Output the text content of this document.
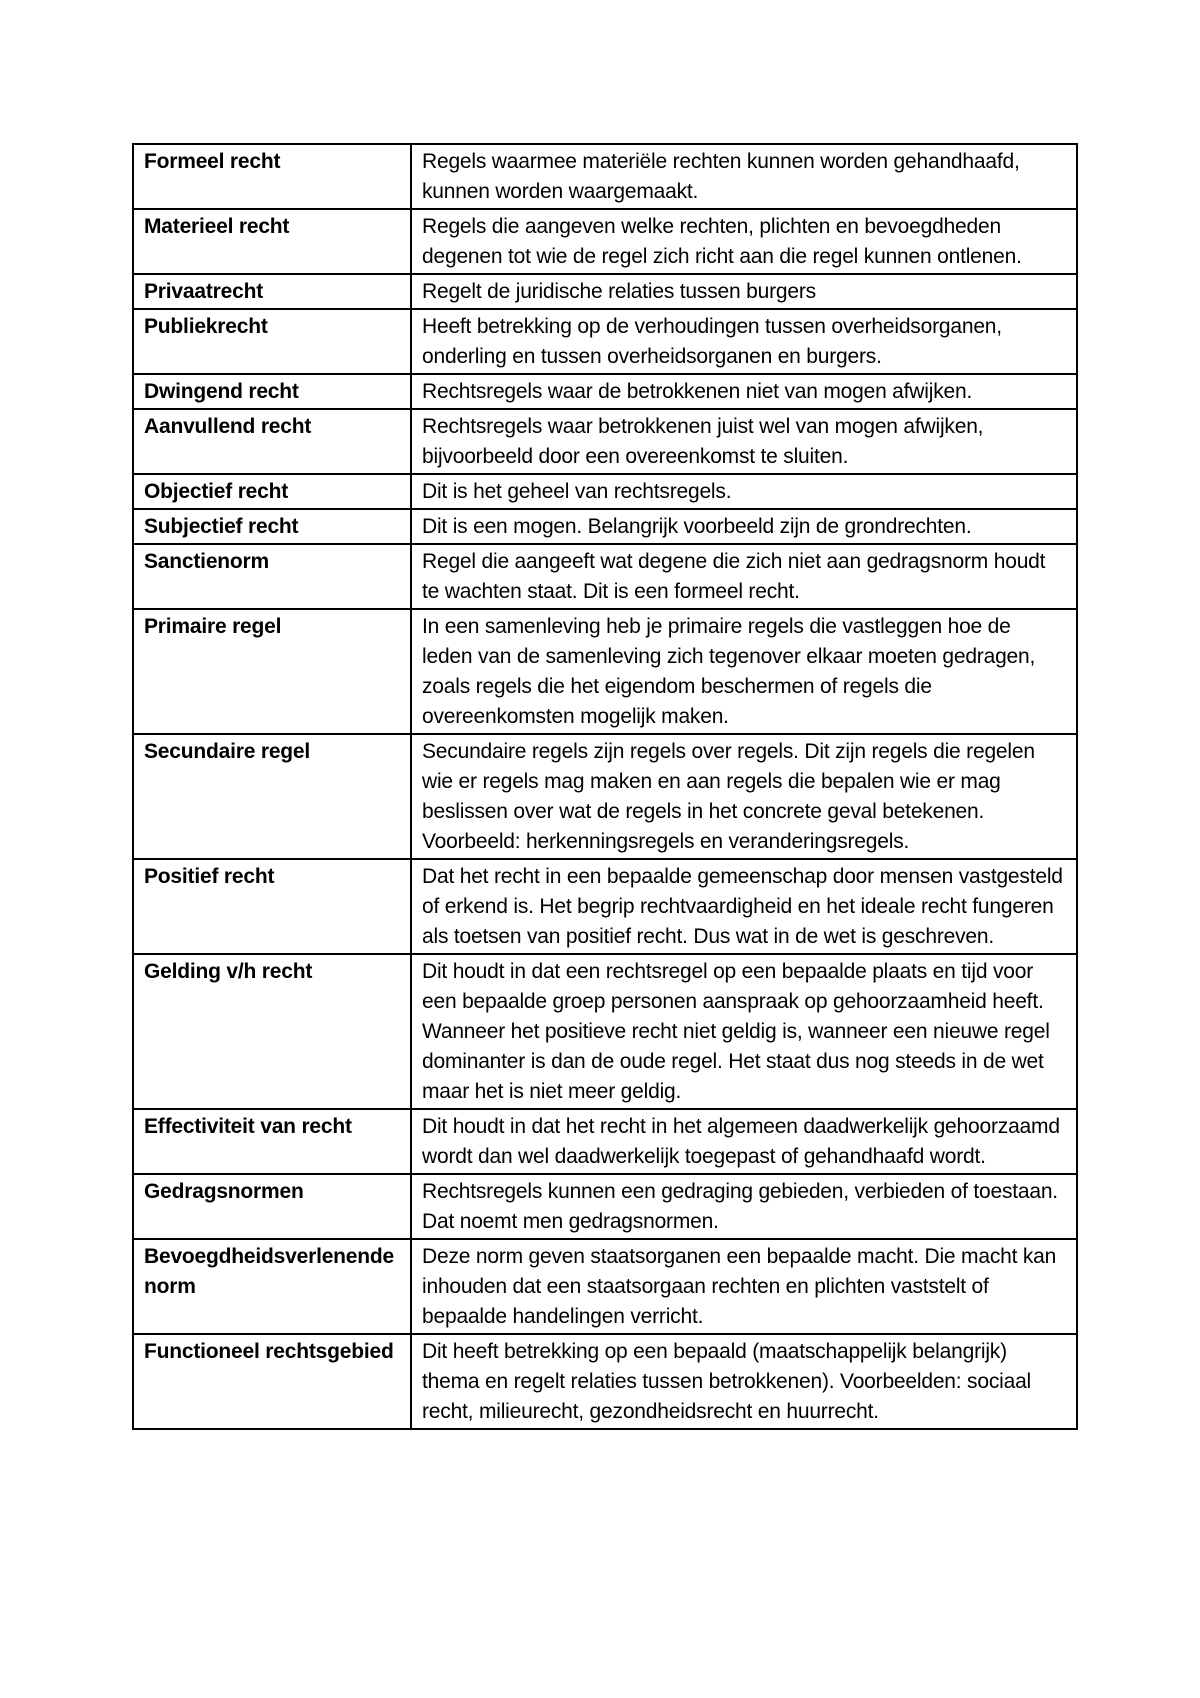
Formeel recht	Regels waarmee materiële rechten kunnen worden gehandhaafd, kunnen worden waargemaakt.
Materieel recht	Regels die aangeven welke rechten, plichten en bevoegdheden degenen tot wie de regel zich richt aan die regel kunnen ontlenen.
Privaatrecht	Regelt de juridische relaties tussen burgers
Publiekrecht	Heeft betrekking op de verhoudingen tussen overheidsorganen, onderling en tussen overheidsorganen en burgers.
Dwingend recht	Rechtsregels waar de betrokkenen niet van mogen afwijken.
Aanvullend recht	Rechtsregels waar betrokkenen juist wel van mogen afwijken, bijvoorbeeld door een overeenkomst te sluiten.
Objectief recht	Dit is het geheel van rechtsregels.
Subjectief recht	Dit is een mogen. Belangrijk voorbeeld zijn de grondrechten.
Sanctienorm	Regel die aangeeft wat degene die zich niet aan gedragsnorm houdt te wachten staat. Dit is een formeel recht.
Primaire regel	In een samenleving heb je primaire regels die vastleggen hoe de leden van de samenleving zich tegenover elkaar moeten gedragen, zoals regels die het eigendom beschermen of regels die overeenkomsten mogelijk maken.
Secundaire regel	Secundaire regels zijn regels over regels. Dit zijn regels die regelen wie er regels mag maken en aan regels die bepalen wie er mag beslissen over wat de regels in het concrete geval betekenen. Voorbeeld: herkenningsregels en veranderingsregels.
Positief recht	Dat het recht in een bepaalde gemeenschap door mensen vastgesteld of erkend is. Het begrip rechtvaardigheid en het ideale recht fungeren als toetsen van positief recht. Dus wat in de wet is geschreven.
Gelding v/h recht	Dit houdt in dat een rechtsregel op een bepaalde plaats en tijd voor een bepaalde groep personen aanspraak op gehoorzaamheid heeft. Wanneer het positieve recht niet geldig is, wanneer een nieuwe regel dominanter is dan de oude regel. Het staat dus nog steeds in de wet maar het is niet meer geldig.
Effectiviteit van recht	Dit houdt in dat het recht in het algemeen daadwerkelijk gehoorzaamd wordt dan wel daadwerkelijk toegepast of gehandhaafd wordt.
Gedragsnormen	Rechtsregels kunnen een gedraging gebieden, verbieden of toestaan. Dat noemt men gedragsnormen.
Bevoegdheidsverlenende norm	Deze norm geven staatsorganen een bepaalde macht. Die macht kan inhouden dat een staatsorgaan rechten en plichten vaststelt of bepaalde handelingen verricht.
Functioneel rechtsgebied	Dit heeft betrekking op een bepaald (maatschappelijk belangrijk) thema en regelt relaties tussen betrokkenen). Voorbeelden: sociaal recht, milieurecht, gezondheidsrecht en huurrecht.
